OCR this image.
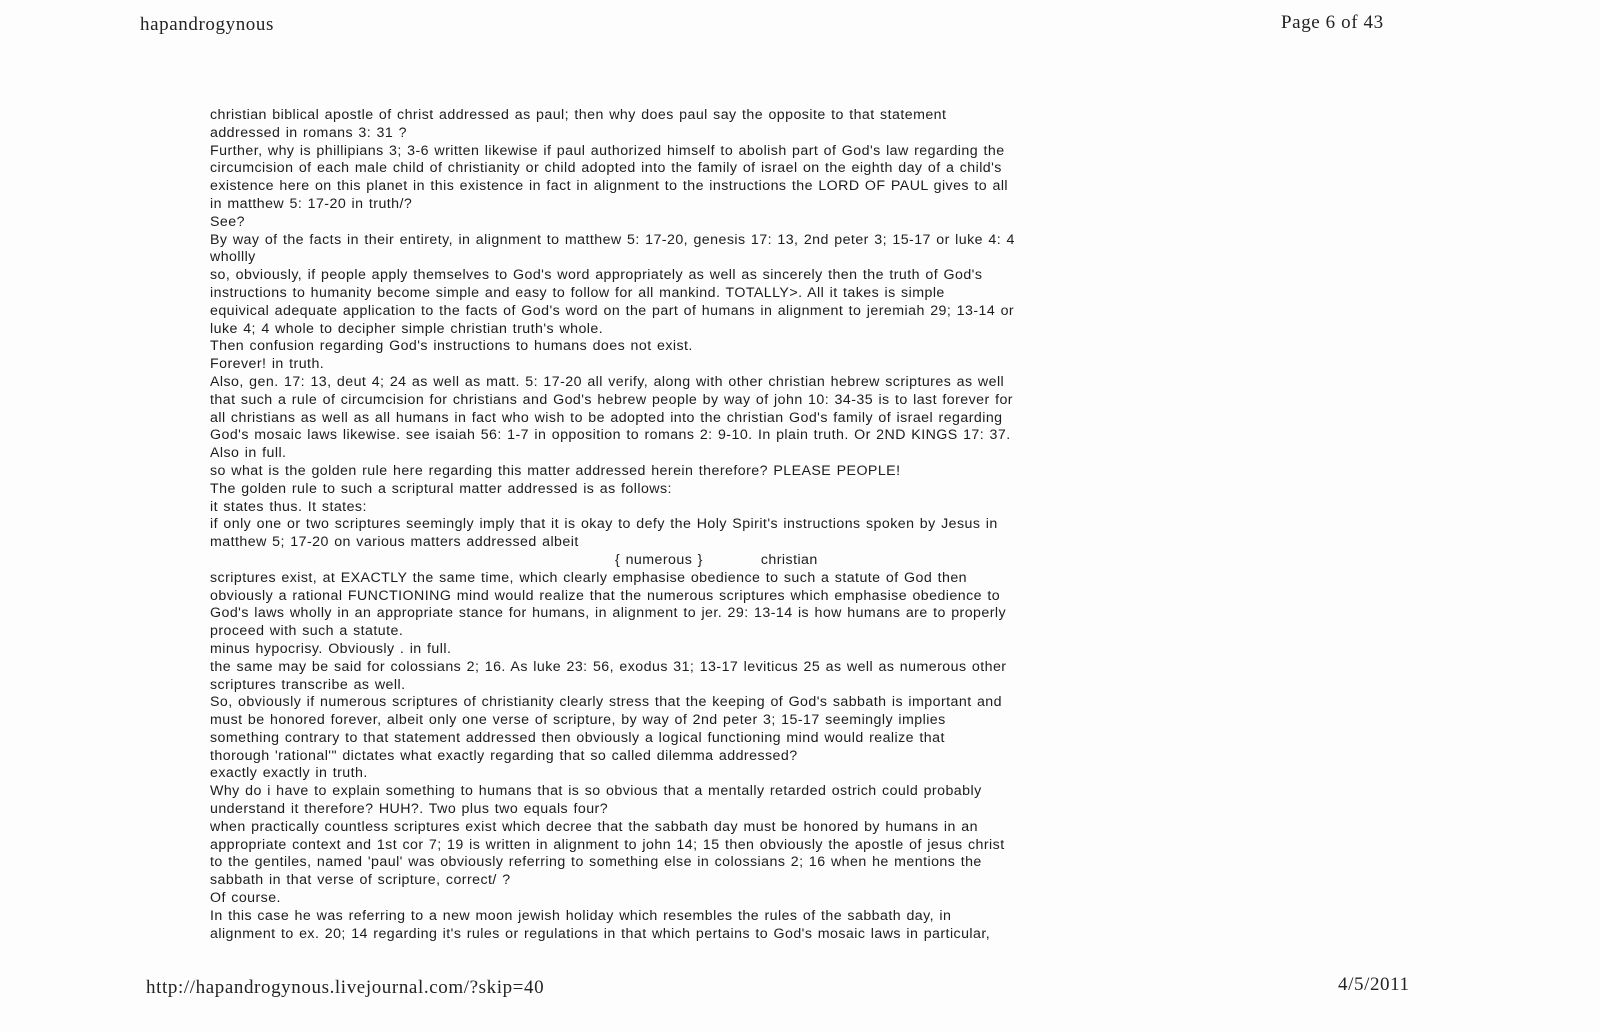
hapandrogynous	Page 6 of 43
christian biblical apostle of christ addressed as paul; then why does paul say the opposite to that statement
addressed in romans 3: 31 ?
Further, why is phillipians 3; 3-6 written likewise if paul authorized himself to abolish part of God's law regarding the
circumcision of each male child of christianity or child adopted into the family of israel on the eighth day of a child's
existence here on this planet in this existence in fact in alignment to the instructions the LORD OF PAUL gives to all
in matthew 5: 17-20 in truth/?
See?
By way of the facts in their entirety, in alignment to matthew 5: 17-20, genesis 17: 13, 2nd peter 3; 15-17 or luke 4: 4
whollly
so, obviously, if people apply themselves to God's word appropriately as well as sincerely then the truth of God's
instructions to humanity become simple and easy to follow for all mankind. TOTALLY>. All it takes is simple
equivical adequate application to the facts of God's word on the part of humans in alignment to jeremiah 29; 13-14 or
luke 4; 4 whole to decipher simple christian truth's whole.
Then confusion regarding God's instructions to humans does not exist.
Forever! in truth.
Also, gen. 17: 13, deut 4; 24 as well as matt. 5: 17-20 all verify, along with other christian hebrew scriptures as well
that such a rule of circumcision for christians and God's hebrew people by way of john 10: 34-35 is to last forever for
all christians as well as all humans in fact who wish to be adopted into the christian God's family of israel regarding
God's mosaic laws likewise. see isaiah 56: 1-7 in opposition to romans 2: 9-10. In plain truth. Or 2ND KINGS 17: 37.
Also in full.
so what is the golden rule here regarding this matter addressed herein therefore? PLEASE PEOPLE!
The golden rule to such a scriptural matter addressed is as follows:
it states thus. It states:
if only one or two scriptures seemingly imply that it is okay to defy the Holy Spirit's instructions spoken by Jesus in
matthew 5; 17-20 on various matters addressed albeit
{ numerous }	christian
scriptures exist, at EXACTLY the same time, which clearly emphasise obedience to such a statute of God then
obviously a rational FUNCTIONING mind would realize that the numerous scriptures which emphasise obedience to
God's laws wholly in an appropriate stance for humans, in alignment to jer. 29: 13-14 is how humans are to properly
proceed with such a statute.
minus hypocrisy. Obviously . in full.
the same may be said for colossians 2; 16. As luke 23: 56, exodus 31; 13-17 leviticus 25 as well as numerous other
scriptures transcribe as well.
So, obviously if numerous scriptures of christianity clearly stress that the keeping of God's sabbath is important and
must be honored forever, albeit only one verse of scripture, by way of 2nd peter 3; 15-17 seemingly implies
something contrary to that statement addressed then obviously a logical functioning mind would realize that
thorough 'rational'" dictates what exactly regarding that so called dilemma addressed?
exactly exactly in truth.
Why do i have to explain something to humans that is so obvious that a mentally retarded ostrich could probably
understand it therefore? HUH?. Two plus two equals four?
when practically countless scriptures exist which decree that the sabbath day must be honored by humans in an
appropriate context and 1st cor 7; 19 is written in alignment to john 14; 15 then obviously the apostle of jesus christ
to the gentiles, named 'paul' was obviously referring to something else in colossians 2; 16 when he mentions the
sabbath in that verse of scripture, correct/ ?
Of course.
In this case he was referring to a new moon jewish holiday which resembles the rules of the sabbath day, in
alignment to ex. 20; 14 regarding it's rules or regulations in that which pertains to God's mosaic laws in particular,
http://hapandrogynous.livejournal.com/?skip=40	4/5/2011
